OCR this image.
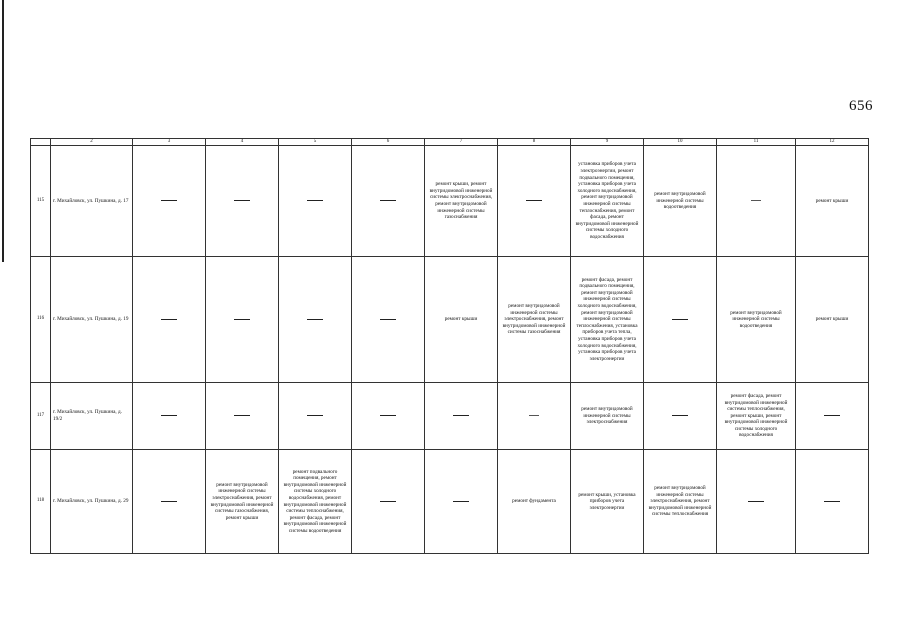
656
	2	3	4	5	6	7	8	9	10	11	12
115	г. Михайловск, ул. Пушкина, д. 17					ремонт крыши, ремонт внутридомовой инженерной системы электроснабжения, ремонт внутридомовой инженерной системы газоснабжения		установка приборов учета электроэнергии, ремонт подвального помещения, установка приборов учета холодного водоснабжения, ремонт внутридомовой инженерной системы теплоснабжения, ремонт фасада, ремонт внутридомовой инженерной системы холодного водоснабжения	ремонт внутридомовой инженерной системы водоотведения		ремонт крыши
116	г. Михайловск, ул. Пушкина, д. 19					ремонт крыши	ремонт внутридомовой инженерной системы электроснабжения, ремонт внутридомовой инженерной системы газоснабжения	ремонт фасада, ремонт подвального помещения, ремонт внутридомовой инженерной системы холодного водоснабжения, ремонт внутридомовой инженерной системы теплоснабжения, установка приборов учета тепла, установка приборов учета холодного водоснабжения, установка приборов учета электроэнергии		ремонт внутридомовой инженерной системы водоотведения	ремонт крыши
117	г. Михайловск, ул. Пушкина, д. 19/2							ремонт внутридомовой инженерной системы электроснабжения		ремонт фасада, ремонт внутридомовой инженерной системы теплоснабжения, ремонт крыши, ремонт внутридомовой инженерной системы холодного водоснабжения	
118	г. Михайловск, ул. Пушкина, д. 29		ремонт внутридомовой инженерной системы электроснабжения, ремонт внутридомовой инженерной системы газоснабжения, ремонт крыши	ремонт подвального помещения, ремонт внутридомовой инженерной системы холодного водоснабжения, ремонт внутридомовой инженерной системы теплоснабжения, ремонт фасада, ремонт внутридомовой инженерной системы водоотведения			ремонт фундамента	ремонт крыши, установка приборов учета электроэнергии	ремонт внутридомовой инженерной системы электроснабжения, ремонт внутридомовой инженерной системы теплоснабжения		
